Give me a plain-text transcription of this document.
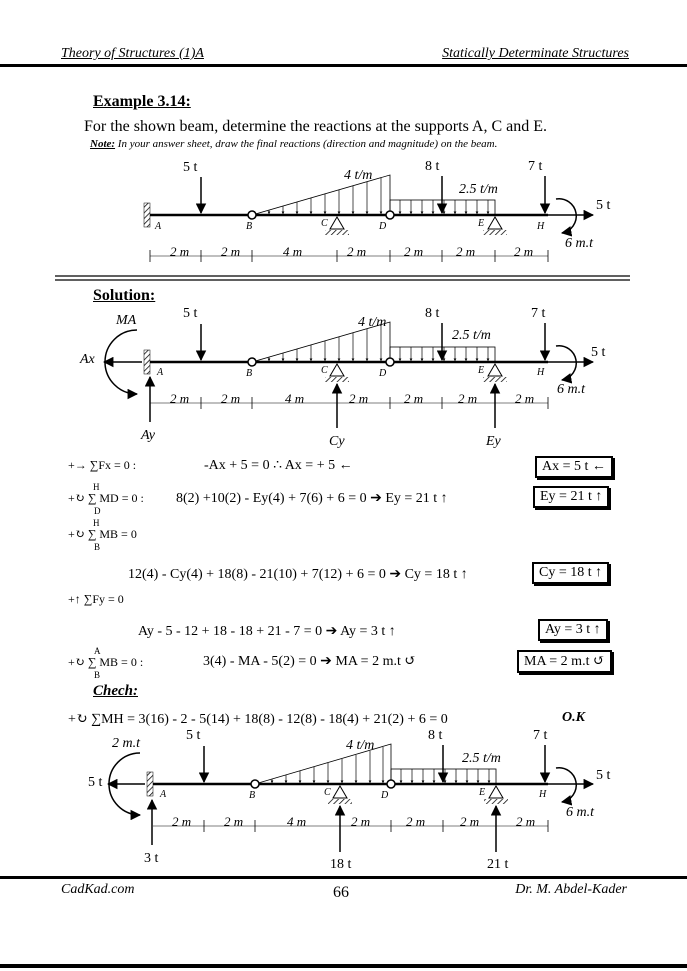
Theory of Structures (1)A	Statically Determinate Structures
Example 3.14:
For the shown beam, determine the reactions at the supports A, C and E.
Note: In your answer sheet, draw the final reactions (direction and magnitude) on the beam.
5 t
4 t/m
8 t
2.5 t/m
7 t
5 t
6 m.t
A	B	C	D	E	H
2 m 2 m	4 m	2 m	2 m	2 m	2 m
Solution:
MA
Ax
Ay	Cy	Ey
5 t
4 t/m
8 t
2.5 t/m
7 t
5 t
6 m.t
A	B	C	D	E	H
2 m 2 m	4 m	2 m	2 m	2 m	2 m
+→ ∑Fx = 0 :	-Ax + 5 = 0 ∴ Ax = + 5 ←	Ax = 5 t ←
H
+↻ ∑ MD = 0 :
D
8(2) +10(2) - Ey(4) + 7(6) + 6 = 0 ➔ Ey = 21 t ↑	Ey = 21 t ↑
H
+↻ ∑ MB = 0
B
12(4) - Cy(4) + 18(8) - 21(10) + 7(12) + 6 = 0 ➔ Cy = 18 t ↑	Cy = 18 t ↑
+↑ ∑Fy = 0
Ay - 5 - 12 + 18 - 18 + 21 - 7 = 0 ➔ Ay = 3 t ↑	Ay = 3 t ↑
A
+↻ ∑ MB = 0 :
B
3(4) - MA - 5(2) = 0 ➔ MA = 2 m.t ↺	MA = 2 m.t ↺
Chech:
+↻ ∑MH = 3(16) - 2 - 5(14) + 18(8) - 12(8) - 18(4) + 21(2) + 6 = 0	O.K
2 m.t
5 t
3 t	18 t	21 t
5 t
4 t/m
8 t
2.5 t/m
7 t
5 t
6 m.t
A	B	C	D	E	H
2 m	2 m	4 m	2 m	2 m	2 m	2 m
CadKad.com	66	Dr. M. Abdel-Kader
